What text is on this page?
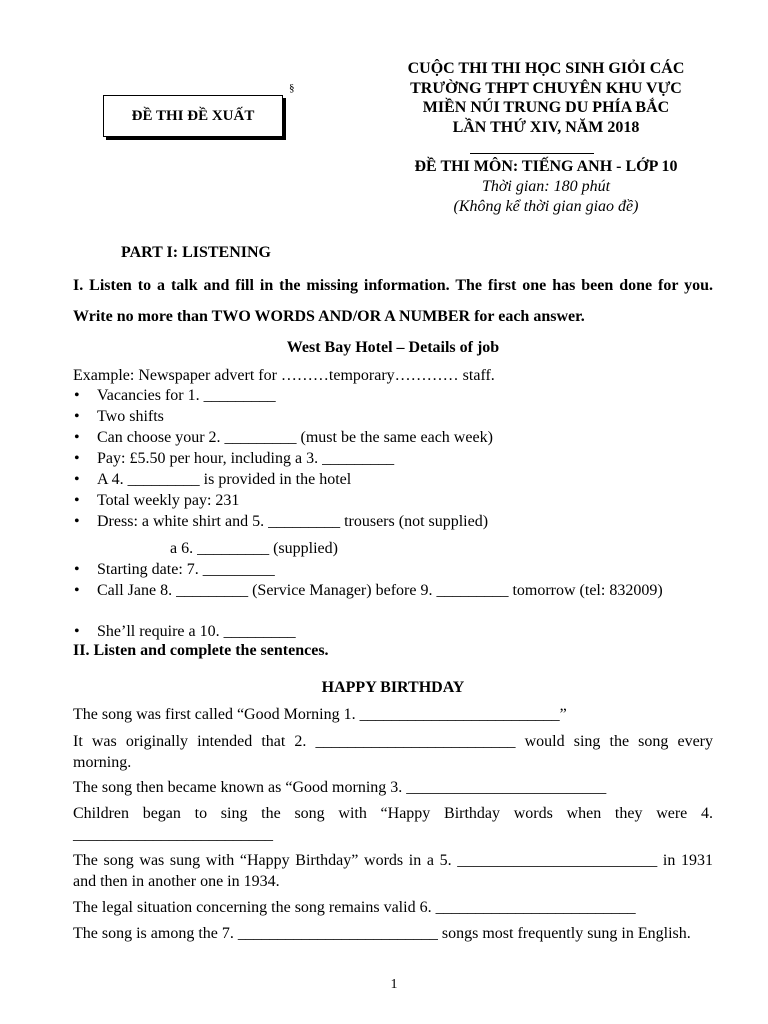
ĐỀ THI ĐỀ XUẤT
§
CUỘC THI THI HỌC SINH GIỎI CÁC
TRƯỜNG THPT CHUYÊN KHU VỰC
MIỀN NÚI TRUNG DU PHÍA BẮC
LẦN THỨ XIV, NĂM 2018
ĐỀ THI MÔN: TIẾNG ANH - LỚP 10
Thời gian: 180 phút
(Không kể thời gian giao đề)
PART I: LISTENING
I. Listen to a talk and fill in the missing information. The first one has been done for you. Write no more than TWO WORDS AND/OR A NUMBER for each answer.
West Bay Hotel – Details of job
Example: Newspaper advert for ………temporary………… staff.
• Vacancies for 1. _________
• Two shifts
• Can choose your 2. _________ (must be the same each week)
• Pay: £5.50 per hour, including a 3. _________
• A 4. _________ is provided in the hotel
• Total weekly pay: 231
• Dress: a white shirt and 5. _________ trousers (not supplied)
a 6. _________ (supplied)
• Starting date: 7. _________
• Call Jane 8. _________ (Service Manager) before 9. _________ tomorrow (tel: 832009)
• She’ll require a 10. _________
II. Listen and complete the sentences.
HAPPY BIRTHDAY
The song was first called “Good Morning 1. _________________________”
It was originally intended that 2. _________________________ would sing the song every morning.
The song then became known as “Good morning 3. _________________________
Children began to sing the song with “Happy Birthday words when they were 4. _________________________
The song was sung with “Happy Birthday” words in a 5. _________________________ in 1931 and then in another one in 1934.
The legal situation concerning the song remains valid 6. _________________________
The song is among the 7. _________________________ songs most frequently sung in English.
1
